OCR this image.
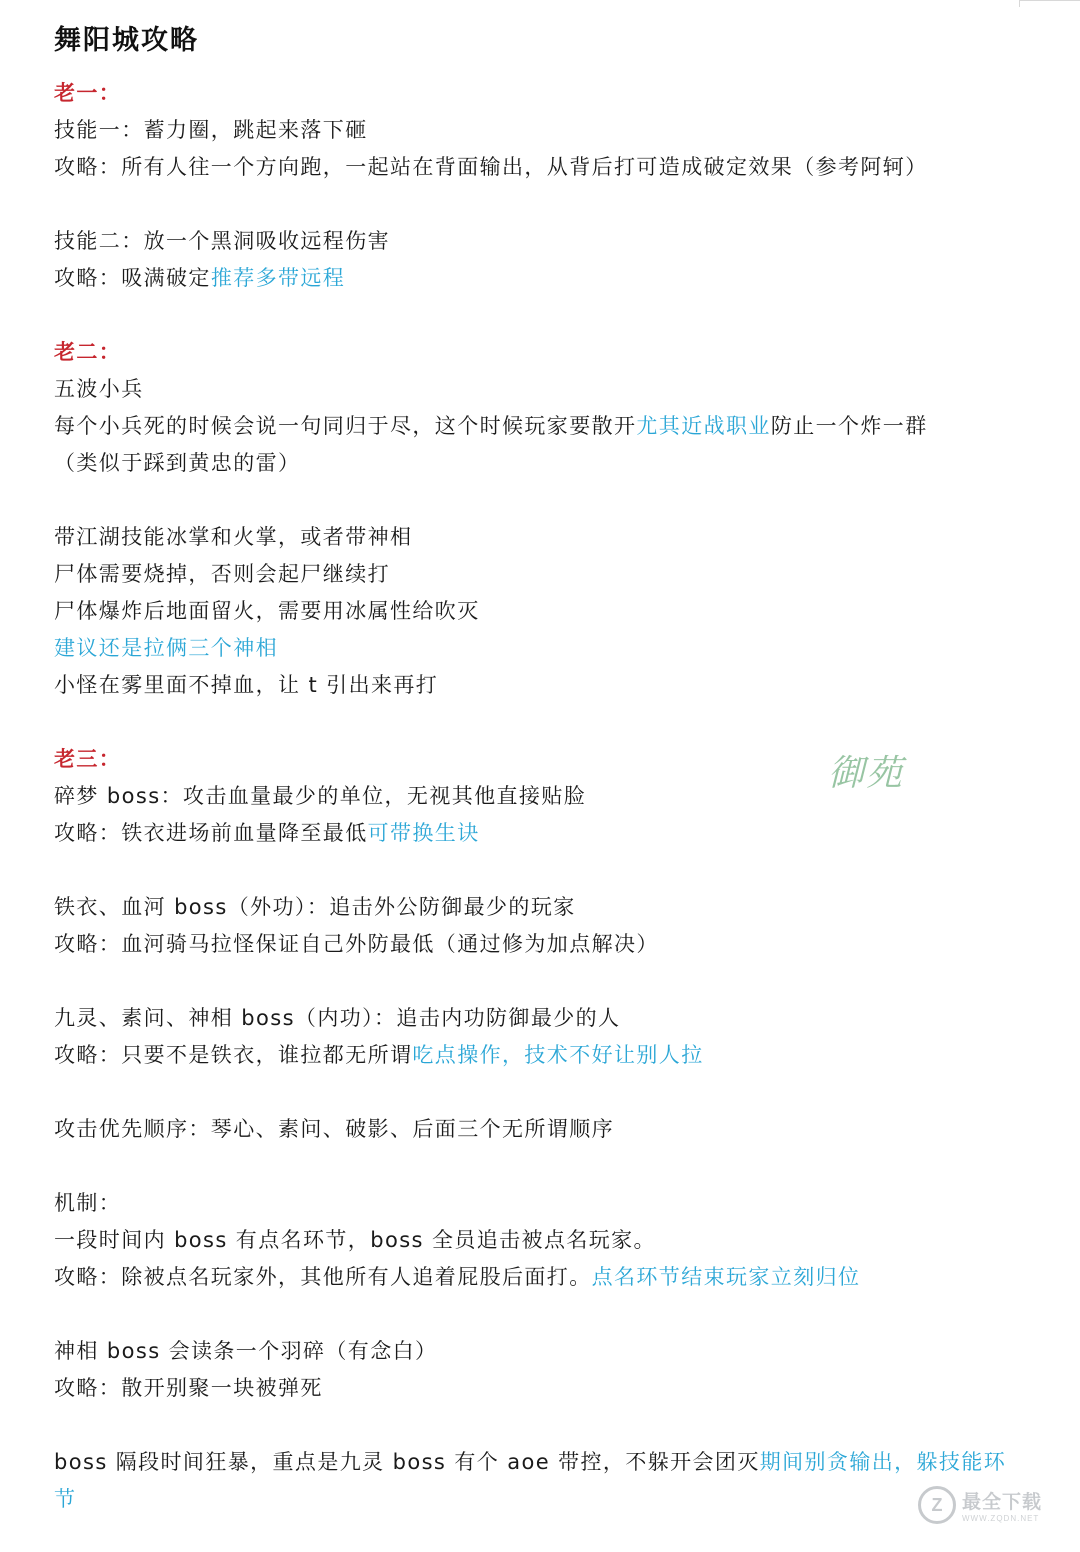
舞阳城攻略
老一：
技能一：蓄力圈，跳起来落下砸
攻略：所有人往一个方向跑，一起站在背面输出，从背后打可造成破定效果（参考阿轲）
技能二：放一个黑洞吸收远程伤害
攻略：吸满破定推荐多带远程
老二：
五波小兵
每个小兵死的时候会说一句同归于尽，这个时候玩家要散开尤其近战职业防止一个炸一群
（类似于踩到黄忠的雷）
带江湖技能冰掌和火掌，或者带神相
尸体需要烧掉，否则会起尸继续打
尸体爆炸后地面留火，需要用冰属性给吹灭
建议还是拉俩三个神相
小怪在雾里面不掉血，让 t 引出来再打
老三：
碎梦 boss：攻击血量最少的单位，无视其他直接贴脸
攻略：铁衣进场前血量降至最低可带换生诀
铁衣、血河 boss（外功）：追击外公防御最少的玩家
攻略：血河骑马拉怪保证自己外防最低（通过修为加点解决）
九灵、素问、神相 boss（内功）：追击内功防御最少的人
攻略：只要不是铁衣，谁拉都无所谓吃点操作，技术不好让别人拉
攻击优先顺序：琴心、素问、破影、后面三个无所谓顺序
机制：
一段时间内 boss 有点名环节，boss 全员追击被点名玩家。
攻略：除被点名玩家外，其他所有人追着屁股后面打。点名环节结束玩家立刻归位
神相 boss 会读条一个羽碎（有念白）
攻略：散开别聚一块被弹死
boss 隔段时间狂暴，重点是九灵 boss 有个 aoe 带控，不躲开会团灭期间别贪输出，躲技能环
节
御苑
Z	最全下载
WWW.ZQDN.NET
